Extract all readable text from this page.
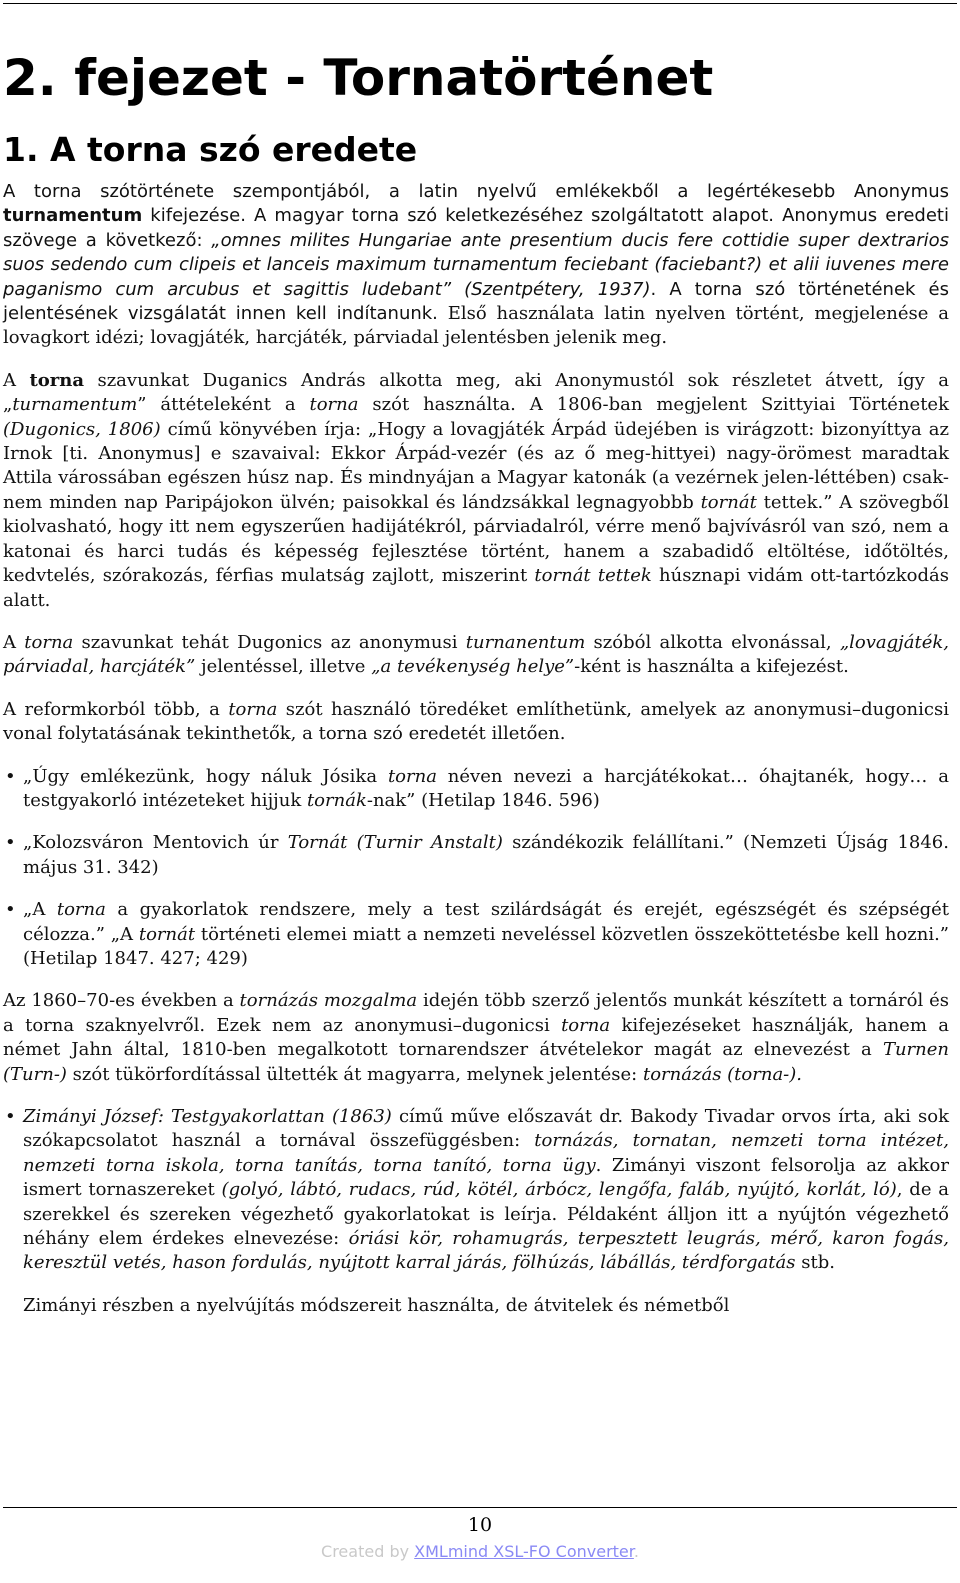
2. fejezet - Tornatörténet
1. A torna szó eredete

A torna szótörténete szempontjából, a latin nyelvű emlékekből a legértékesebb Anonymus turnamentum kifejezése. A magyar torna szó keletkezéséhez szolgáltatott alapot. Anonymus eredeti szövege a következő: „omnes milites Hungariae ante presentium ducis fere cottidie super dextrarios suos sedendo cum clipeis et lanceis maximum turnamentum feciebant (faciebant?) et alii iuvenes mere paganismo cum arcubus et sagittis ludebant” (Szentpétery, 1937). A torna szó történetének és jelentésének vizsgálatát innen kell indítanunk. Első használata latin nyelven történt, megjelenése a lovagkort idézi; lovagjáték, harcjáték, párviadal jelentésben jelenik meg.

A torna szavunkat Duganics András alkotta meg, aki Anonymustól sok részletet átvett, így a „turnamentum” áttételeként a torna szót használta. A 1806-ban megjelent Szittyiai Történetek (Dugonics, 1806) című könyvében írja: „Hogy a lovagjáték Árpád üdejében is virágzott: bizonyíttya az Irnok [ti. Anonymus] e szavaival: Ekkor Árpád-vezér (és az ő meg-hittyei) nagy-örömest maradtak Attila várossában egészen húsz nap. És mindnyájan a Magyar katonák (a vezérnek jelen-léttében) csak-nem minden nap Paripájokon ülvén; paisokkal és lándzsákkal legnagyobbb tornát tettek.” A szövegből kiolvasható, hogy itt nem egyszerűen hadijátékról, párviadalról, vérre menő bajvívásról van szó, nem a katonai és harci tudás és képesség fejlesztése történt, hanem a szabadidő eltöltése, időtöltés, kedvtelés, szórakozás, férfias mulatság zajlott, miszerint tornát tettek húsznapi vidám ott-tartózkodás alatt.

A torna szavunkat tehát Dugonics az anonymusi turnanentum szóból alkotta elvonással, „lovagjáték, párviadal, harcjáték” jelentéssel, illetve „a tevékenység helye”-ként is használta a kifejezést.

A reformkorból több, a torna szót használó töredéket említhetünk, amelyek az anonymusi–dugonicsi vonal folytatásának tekinthetők, a torna szó eredetét illetően.

• „Úgy emlékezünk, hogy náluk Jósika torna néven nevezi a harcjátékokat… óhajtanék, hogy… a testgyakorló intézeteket hijjuk tornák-nak” (Hetilap 1846. 596)
• „Kolozsváron Mentovich úr Tornát (Turnir Anstalt) szándékozik felállítani.” (Nemzeti Újság 1846. május 31. 342)
• „A torna a gyakorlatok rendszere, mely a test szilárdságát és erejét, egészségét és szépségét célozza.” „A tornát történeti elemei miatt a nemzeti neveléssel közvetlen összeköttetésbe kell hozni.” (Hetilap 1847. 427; 429)

Az 1860–70-es években a tornázás mozgalma idején több szerző jelentős munkát készített a tornáról és a torna szaknyelvről. Ezek nem az anonymusi–dugonicsi torna kifejezéseket használják, hanem a német Jahn által, 1810-ben megalkotott tornarendszer átvételekor magát az elnevezést a Turnen (Turn-) szót tükörfordítással ültették át magyarra, melynek jelentése: tornázás (torna-).

• Zimányi József: Testgyakorlattan (1863) című műve előszavát dr. Bakody Tivadar orvos írta, aki sok szókapcsolatot használ a tornával összefüggésben: tornázás, tornatan, nemzeti torna intézet, nemzeti torna iskola, torna tanítás, torna tanító, torna ügy. Zimányi viszont felsorolja az akkor ismert tornaszereket (golyó, lábtó, rudacs, rúd, kötél, árbócz, lengőfa, faláb, nyújtó, korlát, ló), de a szerekkel és szereken végezhető gyakorlatokat is leírja. Példaként álljon itt a nyújtón végezhető néhány elem érdekes elnevezése: óriási kör, rohamugrás, terpesztett leugrás, mérő, karon fogás, keresztül vetés, hason fordulás, nyújtott karral járás, fölhúzás, lábállás, térdforgatás stb.

Zimányi részben a nyelvújítás módszereit használta, de átvitelek és németből

10
Created by XMLmind XSL-FO Converter.
